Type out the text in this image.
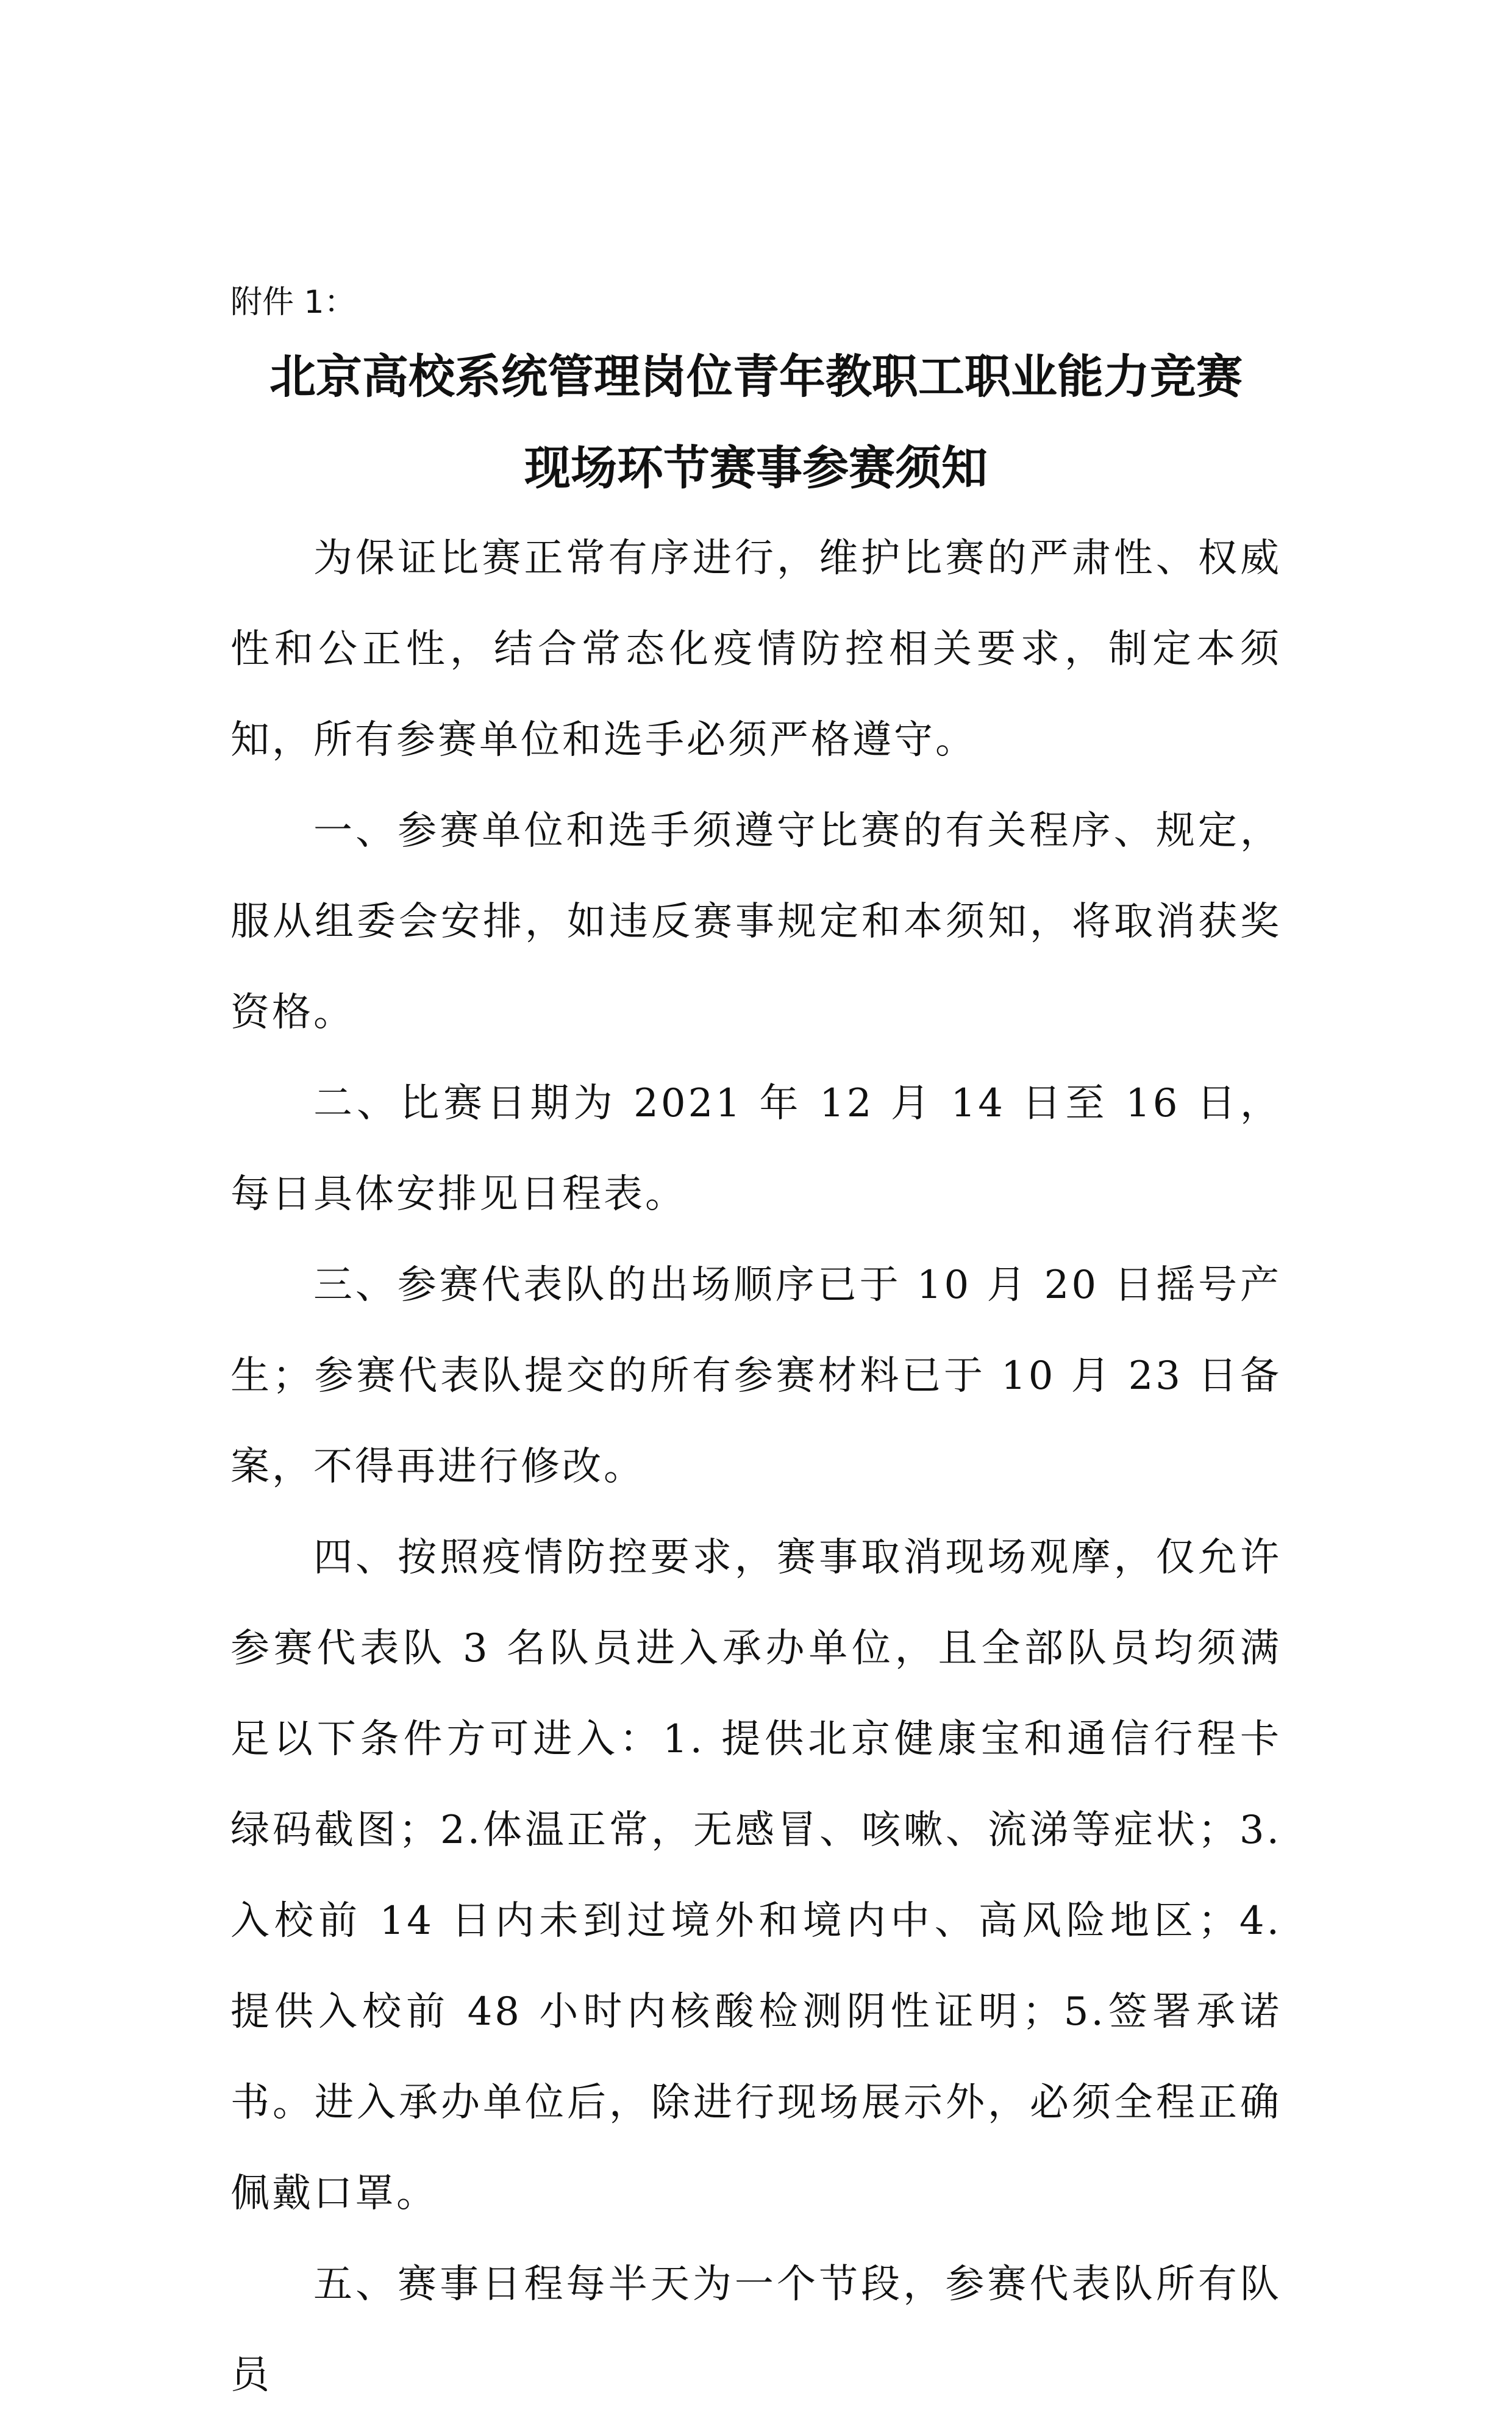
附件 1：
北京高校系统管理岗位青年教职工职业能力竞赛
现场环节赛事参赛须知

为保证比赛正常有序进行，维护比赛的严肃性、权威性和公正性，结合常态化疫情防控相关要求，制定本须知，所有参赛单位和选手必须严格遵守。

一、参赛单位和选手须遵守比赛的有关程序、规定，服从组委会安排，如违反赛事规定和本须知，将取消获奖资格。

二、比赛日期为 2021 年 12 月 14 日至 16 日，每日具体安排见日程表。

三、参赛代表队的出场顺序已于 10 月 20 日摇号产生；参赛代表队提交的所有参赛材料已于 10 月 23 日备案，不得再进行修改。

四、按照疫情防控要求，赛事取消现场观摩，仅允许参赛代表队 3 名队员进入承办单位，且全部队员均须满足以下条件方可进入：1. 提供北京健康宝和通信行程卡绿码截图；2.体温正常，无感冒、咳嗽、流涕等症状；3.入校前 14 日内未到过境外和境内中、高风险地区；4. 提供入校前 48 小时内核酸检测阴性证明；5.签署承诺书。进入承办单位后，除进行现场展示外，必须全程正确佩戴口罩。

五、赛事日程每半天为一个节段，参赛代表队所有队员
